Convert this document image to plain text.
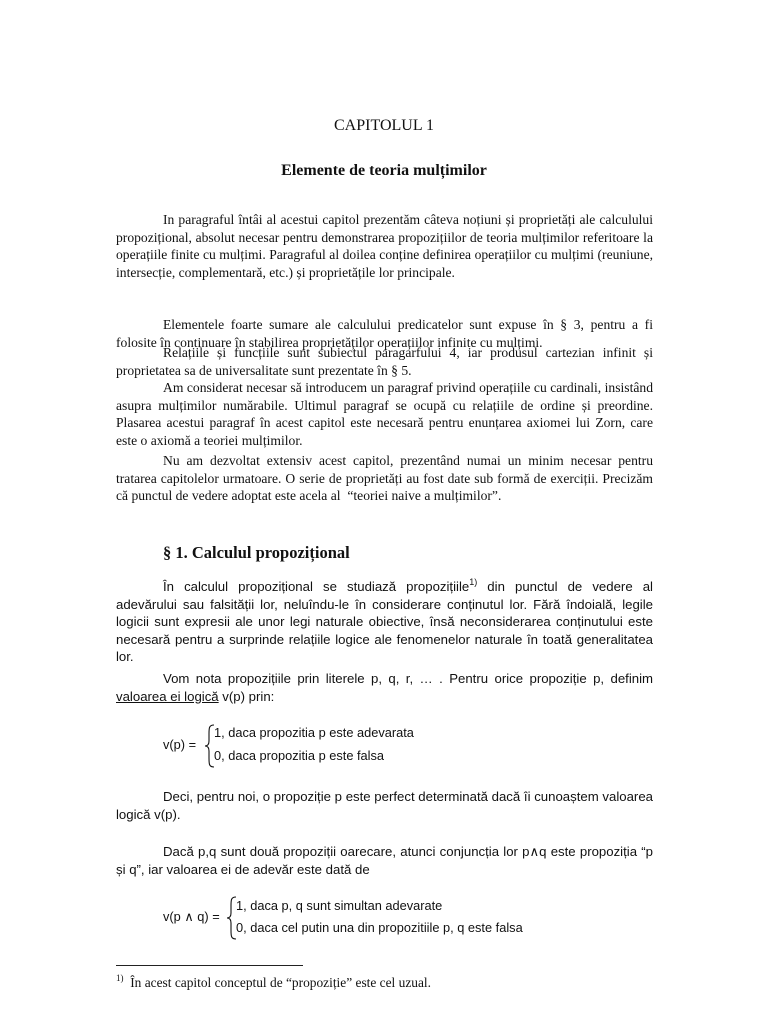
CAPITOLUL 1
Elemente de teoria mulțimilor

In paragraful întâi al acestui capitol prezentăm câteva noțiuni și proprietăți ale calculului propozițional, absolut necesar pentru demonstrarea propozițiilor de teoria mulțimilor referitoare la operațiile finite cu mulțimi. Paragraful al doilea conține definirea operațiilor cu mulțimi (reuniune, intersecție, complementară, etc.) și proprietățile lor principale.

Elementele foarte sumare ale calculului predicatelor sunt expuse în § 3, pentru a fi folosite în continuare în stabilirea proprietăților operațiilor infinite cu mulțimi.

Relațiile și funcțiile sunt subiectul paragarfului 4, iar produsul cartezian infinit și proprietatea sa de universalitate sunt prezentate în § 5.

Am considerat necesar să introducem un paragraf privind operațiile cu cardinali, insistând asupra mulțimilor numărabile. Ultimul paragraf se ocupă cu relațiile de ordine și preordine. Plasarea acestui paragraf în acest capitol este necesară pentru enunțarea axiomei lui Zorn, care este o axiomă a teoriei mulțimilor.

Nu am dezvoltat extensiv acest capitol, prezentând numai un minim necesar pentru tratarea capitolelor urmatoare. O serie de proprietăți au fost date sub formă de exerciții. Precizăm că punctul de vedere adoptat este acela al  “teoriei naive a mulțimilor”.

§ 1. Calculul propozițional

În calculul propozițional se studiază propozițiile$^{1)}$ din punctul de vedere al adevărului sau falsității lor, neluîndu-le în considerare conținutul lor. Fără îndoială, legile logicii sunt expresii ale unor legi naturale obiective, însă neconsiderarea conținutului este necesară pentru a surprinde relațiile logice ale fenomenelor naturale în toată generalitatea lor.

Vom nota propozițiile prin literele p, q, r, … . Pentru orice propoziție p, definim valoarea ei logică v(p) prin:

v(p) =
1, daca propozitia p este adevarata
0, daca propozitia p este falsa

Deci, pentru noi, o propoziție p este perfect determinată dacă îi cunoaștem valoarea logică v(p).

Dacă p,q sunt două propoziții oarecare, atunci conjuncția lor p∧q este propoziția “p și q”, iar valoarea ei de adevăr este dată de

v(p ∧ q) =
1, daca p, q sunt simultan adevarate
0, daca cel putin una din propozitiile p, q este falsa
$^{1)}$ În acest capitol conceptul de “propoziție” este cel uzual.
